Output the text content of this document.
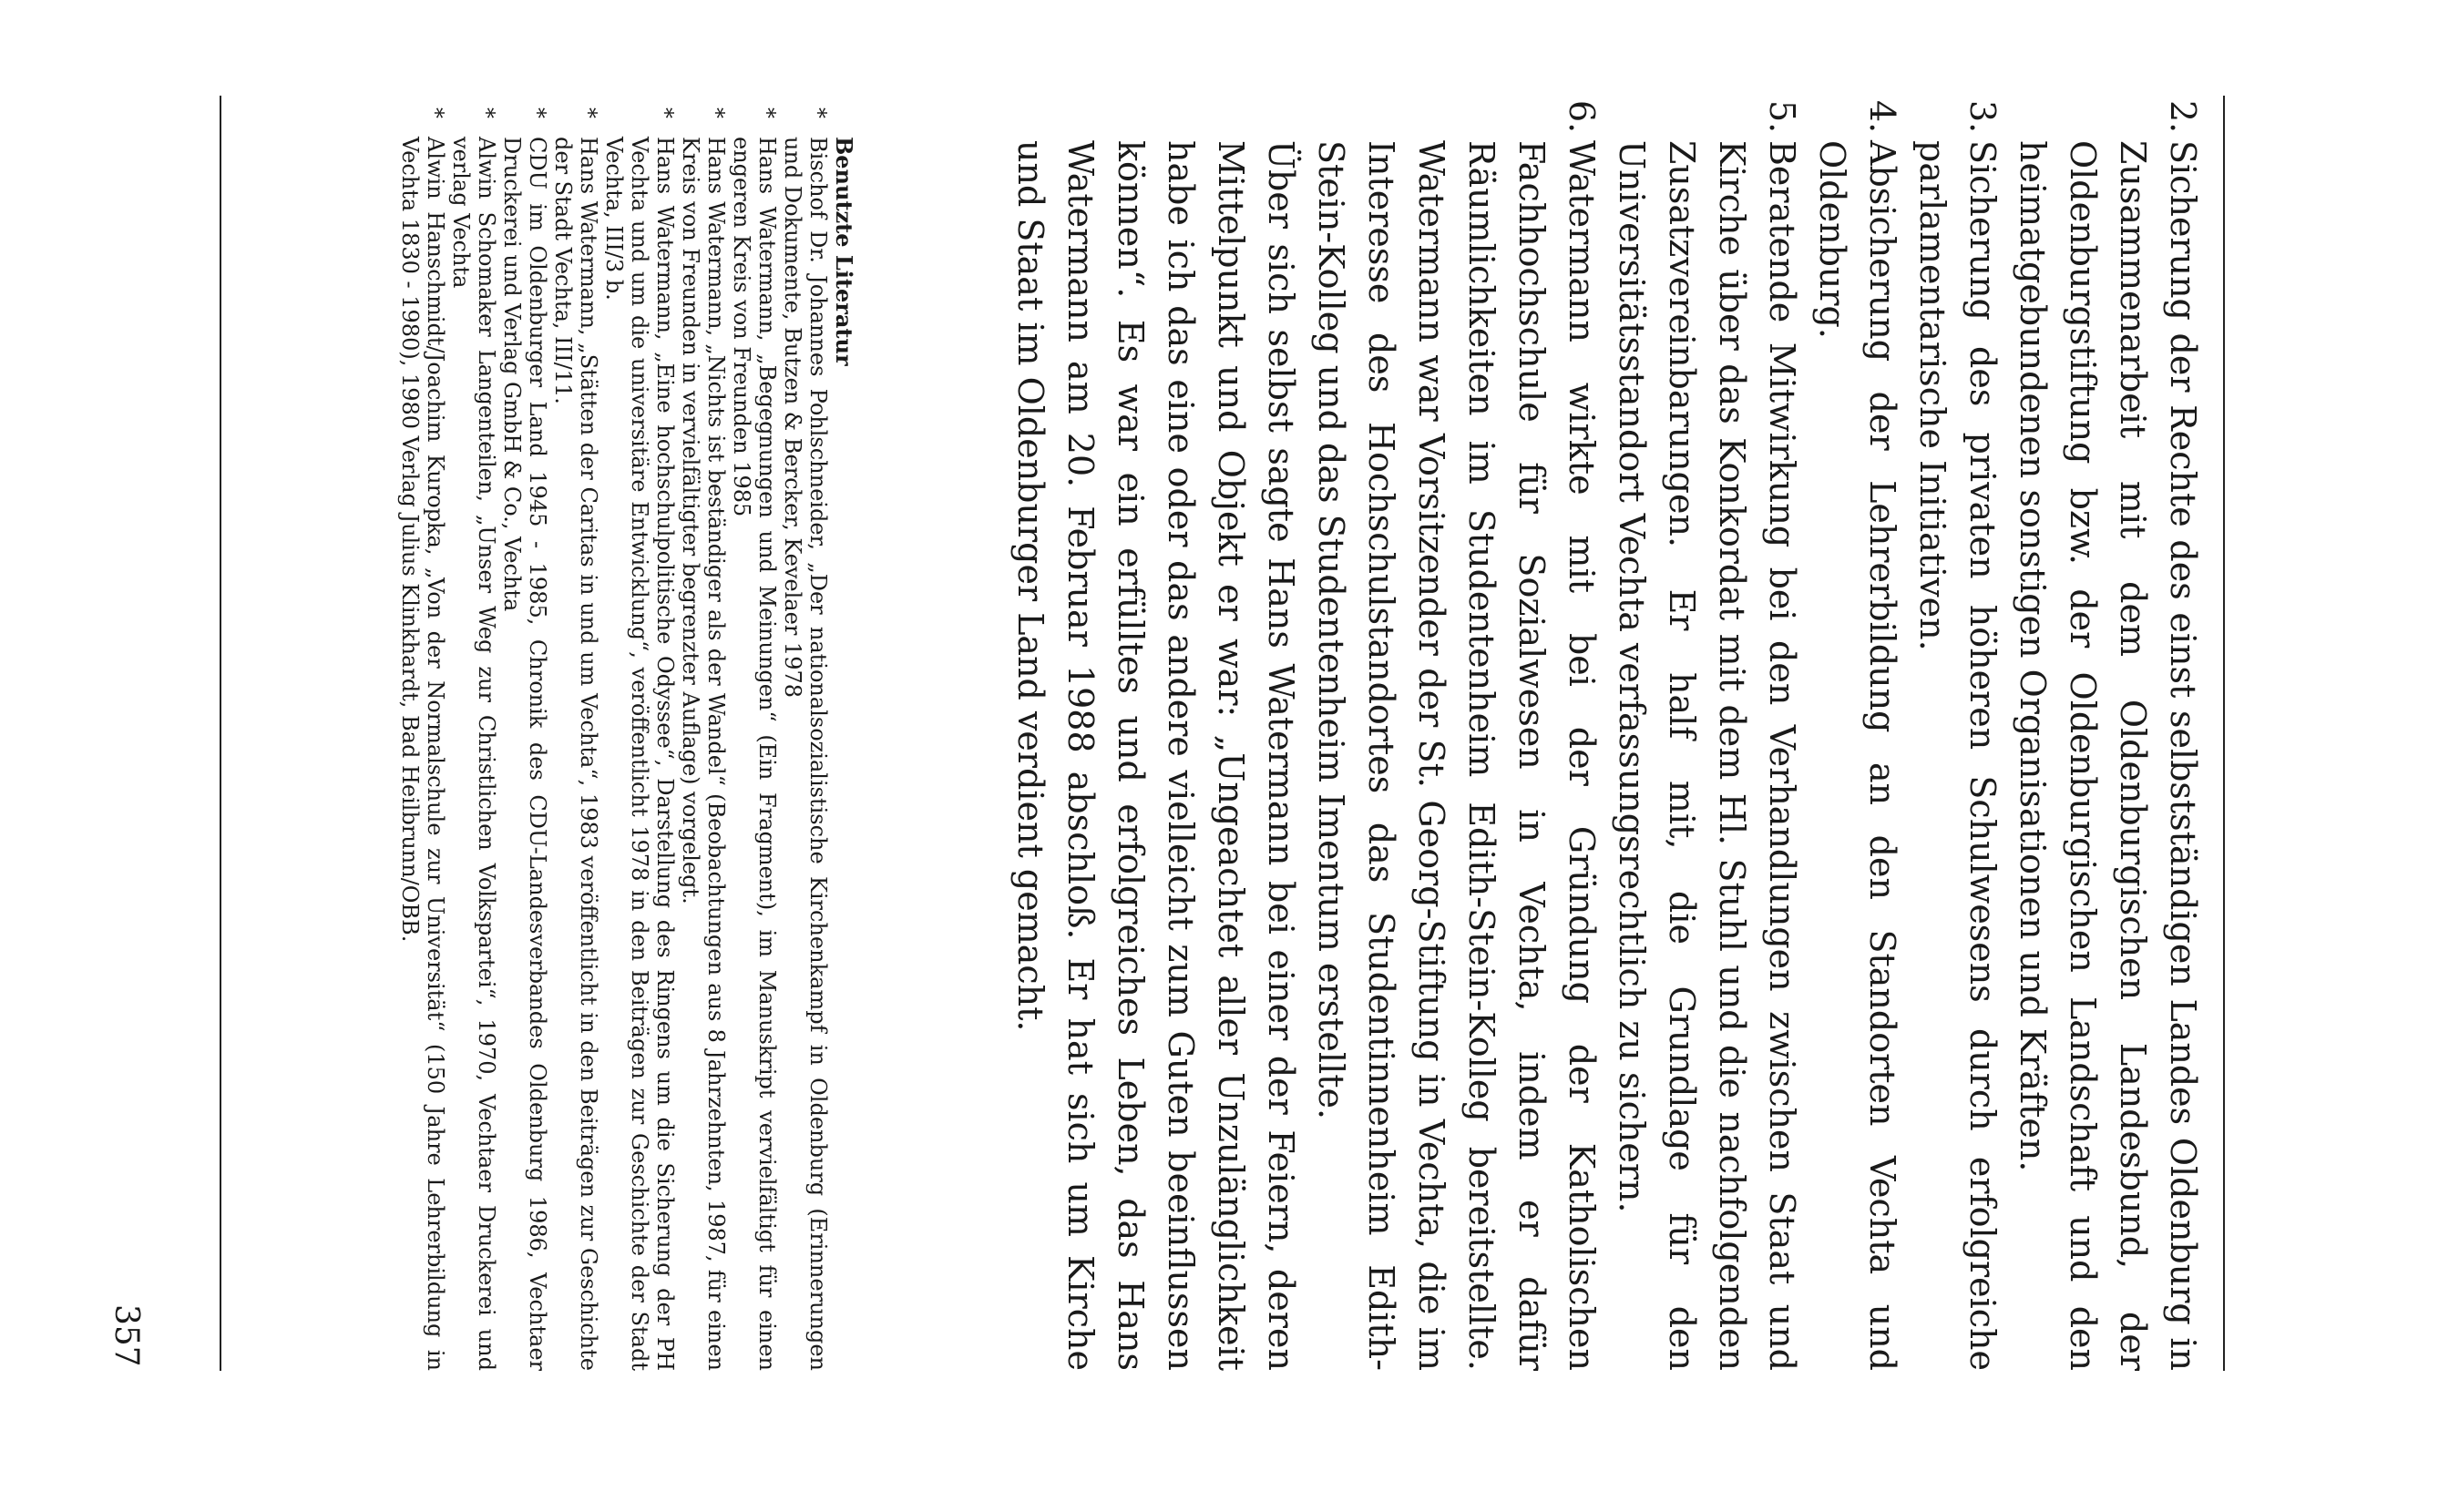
2.
Sicherung der Rechte des einst selbstständigen Landes Oldenburg in Zusammenarbeit mit dem Oldenburgischen Landesbund, der Oldenburgstiftung bzw. der Oldenburgischen Landschaft und den heimatgebundenen sonstigen Organisationen und Kräften.
3.
Sicherung des privaten höheren Schulwesens durch erfolgreiche parlamentarische Initiativen.
4.
Absicherung der Lehrerbildung an den Standorten Vechta und Oldenburg.
5.
Beratende Mitwirkung bei den Verhandlungen zwischen Staat und Kirche über das Konkordat mit dem Hl. Stuhl und die nachfolgenden Zusatzvereinbarungen. Er half mit, die Grundlage für den Universitätsstandort Vechta verfassungsrechtlich zu sichern.
6.
Watermann wirkte mit bei der Gründung der Katholischen Fachhochschule für Sozialwesen in Vechta, indem er dafür Räumlichkeiten im Studentenheim Edith-Stein-Kolleg bereitstellte. Watermann war Vorsitzender der St. Georg-Stiftung in Vechta, die im Interesse des Hochschulstandortes das Studentinnenheim Edith-Stein-Kolleg und das Studentenheim Imentum erstellte.

Über sich selbst sagte Hans Watermann bei einer der Feiern, deren Mittelpunkt und Objekt er war: „Ungeachtet aller Unzulänglichkeit habe ich das eine oder das andere vielleicht zum Guten beeinflussen können“. Es war ein erfülltes und erfolgreiches Leben, das Hans Watermann am 20. Februar 1988 abschloß. Er hat sich um Kirche und Staat im Oldenburger Land verdient gemacht.

Benutzte Literatur
*
Bischof Dr. Johannes Pohlschneider, „Der nationalsozialistische Kirchenkampf in Oldenburg (Erinnerungen und Dokumente, Butzen & Bercker, Kevelaer 1978
*
Hans Watermann, „Begegnungen und Meinungen“ (Ein Fragment), im Manuskript vervielfältigt für einen engeren Kreis von Freunden 1985
*
Hans Watermann, „Nichts ist beständiger als der Wandel“ (Beobachtungen aus 8 Jahrzehnten, 1987, für einen Kreis von Freunden in vervielfältigter begrenzter Auflage) vorgelegt.
*
Hans Watermann, „Eine hochschulpolitische Odyssee“, Darstellung des Ringens um die Sicherung der PH Vechta und um die universitäre Entwicklung“, veröffentlicht 1978 in den Beiträgen zur Geschichte der Stadt Vechta, III/3 b.
*
Hans Watermann, „Stätten der Caritas in und um Vechta“, 1983 veröffentlicht in den Beiträgen zur Geschichte der Stadt Vechta, III/11.
*
CDU im Oldenburger Land 1945 - 1985, Chronik des CDU-Landesverbandes Oldenburg 1986, Vechtaer Druckerei und Verlag GmbH & Co., Vechta
*
Alwin Schomaker Langenteilen, „Unser Weg zur Christlichen Volkspartei“, 1970, Vechtaer Druckerei und verlag Vechta
*
Alwin Hanschmidt/Joachim Kuropka, „Von der Normalschule zur Universität“ (150 Jahre Lehrerbildung in Vechta 1830 - 1980), 1980 Verlag Julius Klinkhardt, Bad Heilbrunn/OBB.
357
